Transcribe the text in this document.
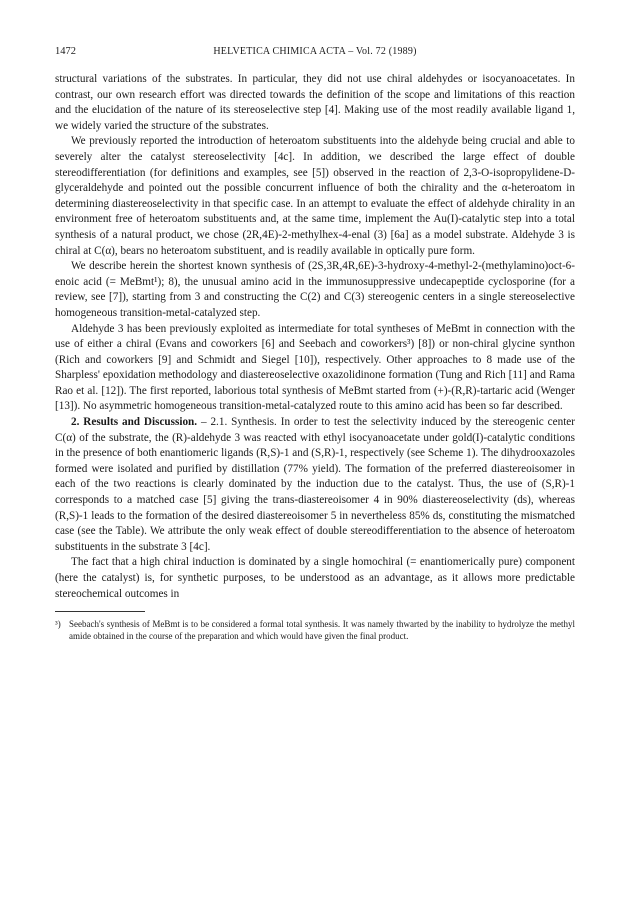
1472	HELVETICA CHIMICA ACTA – Vol. 72 (1989)

structural variations of the substrates. In particular, they did not use chiral aldehydes or isocyanoacetates. In contrast, our own research effort was directed towards the definition of the scope and limitations of this reaction and the elucidation of the nature of its stereoselective step [4]. Making use of the most readily available ligand 1, we widely varied the structure of the substrates.

We previously reported the introduction of heteroatom substituents into the aldehyde being crucial and able to severely alter the catalyst stereoselectivity [4c]. In addition, we described the large effect of double stereodifferentiation (for definitions and examples, see [5]) observed in the reaction of 2,3-O-isopropylidene-D-glyceraldehyde and pointed out the possible concurrent influence of both the chirality and the α-heteroatom in determining diastereoselectivity in that specific case. In an attempt to evaluate the effect of aldehyde chirality in an environment free of heteroatom substituents and, at the same time, implement the Au(I)-catalytic step into a total synthesis of a natural product, we chose (2R,4E)-2-methylhex-4-enal (3) [6a] as a model substrate. Aldehyde 3 is chiral at C(α), bears no heteroatom substituent, and is readily available in optically pure form.

We describe herein the shortest known synthesis of (2S,3R,4R,6E)-3-hydroxy-4-methyl-2-(methylamino)oct-6-enoic acid (= MeBmt¹); 8), the unusual amino acid in the immunosuppressive undecapeptide cyclosporine (for a review, see [7]), starting from 3 and constructing the C(2) and C(3) stereogenic centers in a single stereoselective homogeneous transition-metal-catalyzed step.

Aldehyde 3 has been previously exploited as intermediate for total syntheses of MeBmt in connection with the use of either a chiral (Evans and coworkers [6] and Seebach and coworkers³) [8]) or non-chiral glycine synthon (Rich and coworkers [9] and Schmidt and Siegel [10]), respectively. Other approaches to 8 made use of the Sharpless' epoxidation methodology and diastereoselective oxazolidinone formation (Tung and Rich [11] and Rama Rao et al. [12]). The first reported, laborious total synthesis of MeBmt started from (+)-(R,R)-tartaric acid (Wenger [13]). No asymmetric homogeneous transition-metal-catalyzed route to this amino acid has been so far described.

2. Results and Discussion. – 2.1. Synthesis. In order to test the selectivity induced by the stereogenic center C(α) of the substrate, the (R)-aldehyde 3 was reacted with ethyl isocyanoacetate under gold(I)-catalytic conditions in the presence of both enantiomeric ligands (R,S)-1 and (S,R)-1, respectively (see Scheme 1). The dihydrooxazoles formed were isolated and purified by distillation (77% yield). The formation of the preferred diastereoisomer in each of the two reactions is clearly dominated by the induction due to the catalyst. Thus, the use of (S,R)-1 corresponds to a matched case [5] giving the trans-diastereoisomer 4 in 90% diastereoselectivity (ds), whereas (R,S)-1 leads to the formation of the desired diastereoisomer 5 in nevertheless 85% ds, constituting the mismatched case (see the Table). We attribute the only weak effect of double stereodifferentiation to the absence of heteroatom substituents in the substrate 3 [4c].

The fact that a high chiral induction is dominated by a single homochiral (= enantiomerically pure) component (here the catalyst) is, for synthetic purposes, to be understood as an advantage, as it allows more predictable stereochemical outcomes in

³) Seebach's synthesis of MeBmt is to be considered a formal total synthesis. It was namely thwarted by the inability to hydrolyze the methyl amide obtained in the course of the preparation and which would have given the final product.
